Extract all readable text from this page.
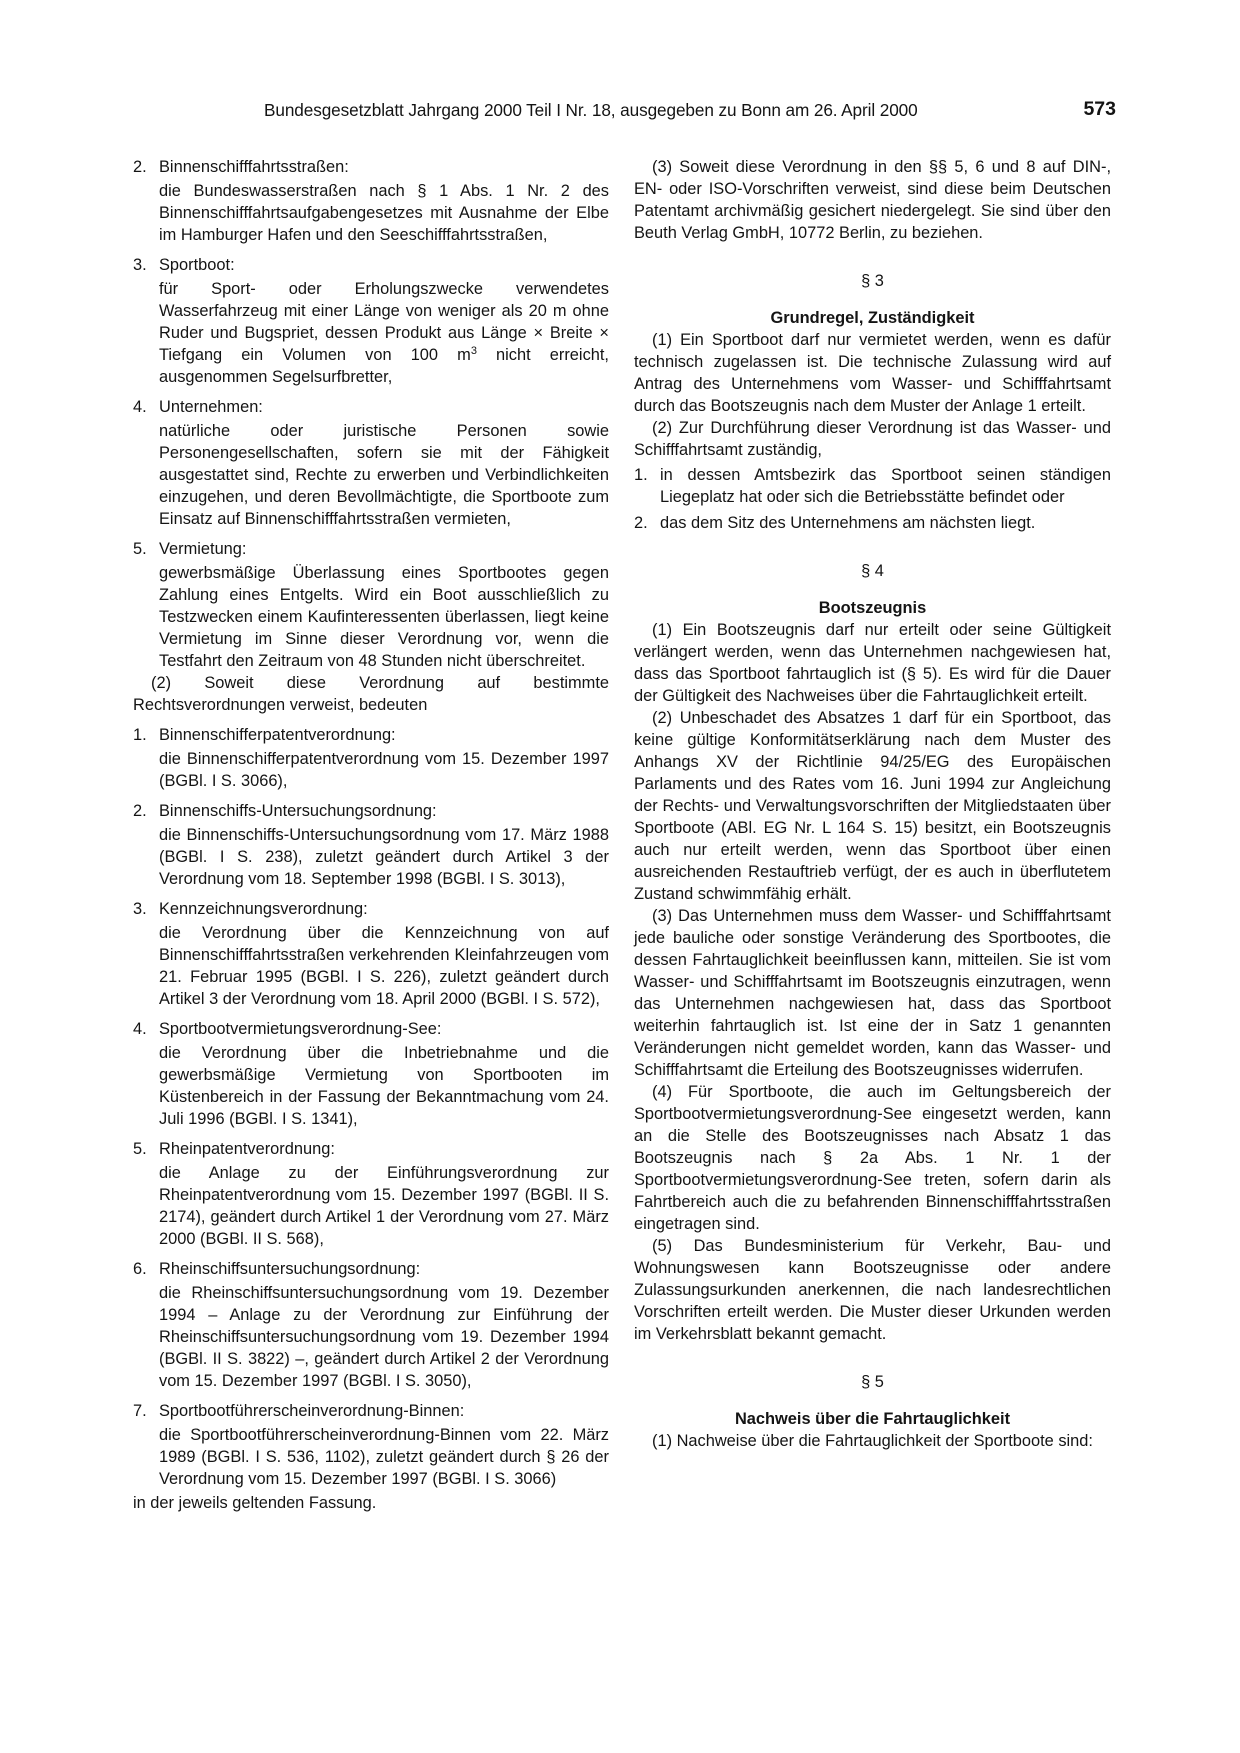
Bundesgesetzblatt Jahrgang 2000 Teil I Nr. 18, ausgegeben zu Bonn am 26. April 2000	573
2. Binnenschifffahrtsstraßen:

die Bundeswasserstraßen nach § 1 Abs. 1 Nr. 2 des Binnenschifffahrtsaufgabengesetzes mit Ausnahme der Elbe im Hamburger Hafen und den Seeschifffahrtsstraßen,

3. Sportboot:

für Sport- oder Erholungszwecke verwendetes Wasserfahrzeug mit einer Länge von weniger als 20 m ohne Ruder und Bugspriet, dessen Produkt aus Länge × Breite × Tiefgang ein Volumen von 100 $m^3$ nicht erreicht, ausgenommen Segelsurfbretter,

4. Unternehmen:

natürliche oder juristische Personen sowie Personengesellschaften, sofern sie mit der Fähigkeit ausgestattet sind, Rechte zu erwerben und Verbindlichkeiten einzugehen, und deren Bevollmächtigte, die Sportboote zum Einsatz auf Binnenschifffahrtsstraßen vermieten,

5. Vermietung:

gewerbsmäßige Überlassung eines Sportbootes gegen Zahlung eines Entgelts. Wird ein Boot ausschließlich zu Testzwecken einem Kaufinteressenten überlassen, liegt keine Vermietung im Sinne dieser Verordnung vor, wenn die Testfahrt den Zeitraum von 48 Stunden nicht überschreitet.

(2) Soweit diese Verordnung auf bestimmte Rechtsverordnungen verweist, bedeuten

1. Binnenschifferpatentverordnung:

die Binnenschifferpatentverordnung vom 15. Dezember 1997 (BGBl. I S. 3066),

2. Binnenschiffs-Untersuchungsordnung:

die Binnenschiffs-Untersuchungsordnung vom 17. März 1988 (BGBl. I S. 238), zuletzt geändert durch Artikel 3 der Verordnung vom 18. September 1998 (BGBl. I S. 3013),

3. Kennzeichnungsverordnung:

die Verordnung über die Kennzeichnung von auf Binnenschifffahrtsstraßen verkehrenden Kleinfahrzeugen vom 21. Februar 1995 (BGBl. I S. 226), zuletzt geändert durch Artikel 3 der Verordnung vom 18. April 2000 (BGBl. I S. 572),

4. Sportbootvermietungsverordnung-See:

die Verordnung über die Inbetriebnahme und die gewerbsmäßige Vermietung von Sportbooten im Küstenbereich in der Fassung der Bekanntmachung vom 24. Juli 1996 (BGBl. I S. 1341),

5. Rheinpatentverordnung:

die Anlage zu der Einführungsverordnung zur Rheinpatentverordnung vom 15. Dezember 1997 (BGBl. II S. 2174), geändert durch Artikel 1 der Verordnung vom 27. März 2000 (BGBl. II S. 568),

6. Rheinschiffsuntersuchungsordnung:

die Rheinschiffsuntersuchungsordnung vom 19. Dezember 1994 – Anlage zu der Verordnung zur Einführung der Rheinschiffsuntersuchungsordnung vom 19. Dezember 1994 (BGBl. II S. 3822) –, geändert durch Artikel 2 der Verordnung vom 15. Dezember 1997 (BGBl. I S. 3050),

7. Sportbootführerscheinverordnung-Binnen:

die Sportbootführerscheinverordnung-Binnen vom 22. März 1989 (BGBl. I S. 536, 1102), zuletzt geändert durch § 26 der Verordnung vom 15. Dezember 1997 (BGBl. I S. 3066)

in der jeweils geltenden Fassung.

(3) Soweit diese Verordnung in den §§ 5, 6 und 8 auf DIN-, EN- oder ISO-Vorschriften verweist, sind diese beim Deutschen Patentamt archivmäßig gesichert niedergelegt. Sie sind über den Beuth Verlag GmbH, 10772 Berlin, zu beziehen.

§ 3

Grundregel, Zuständigkeit

(1) Ein Sportboot darf nur vermietet werden, wenn es dafür technisch zugelassen ist. Die technische Zulassung wird auf Antrag des Unternehmens vom Wasser- und Schifffahrtsamt durch das Bootszeugnis nach dem Muster der Anlage 1 erteilt.

(2) Zur Durchführung dieser Verordnung ist das Wasser- und Schifffahrtsamt zuständig,

1. in dessen Amtsbezirk das Sportboot seinen ständigen Liegeplatz hat oder sich die Betriebsstätte befindet oder
2. das dem Sitz des Unternehmens am nächsten liegt.

§ 4

Bootszeugnis

(1) Ein Bootszeugnis darf nur erteilt oder seine Gültigkeit verlängert werden, wenn das Unternehmen nachgewiesen hat, dass das Sportboot fahrtauglich ist (§ 5). Es wird für die Dauer der Gültigkeit des Nachweises über die Fahrtauglichkeit erteilt.

(2) Unbeschadet des Absatzes 1 darf für ein Sportboot, das keine gültige Konformitätserklärung nach dem Muster des Anhangs XV der Richtlinie 94/25/EG des Europäischen Parlaments und des Rates vom 16. Juni 1994 zur Angleichung der Rechts- und Verwaltungsvorschriften der Mitgliedstaaten über Sportboote (ABl. EG Nr. L 164 S. 15) besitzt, ein Bootszeugnis auch nur erteilt werden, wenn das Sportboot über einen ausreichenden Restauftrieb verfügt, der es auch in überflutetem Zustand schwimmfähig erhält.

(3) Das Unternehmen muss dem Wasser- und Schifffahrtsamt jede bauliche oder sonstige Veränderung des Sportbootes, die dessen Fahrtauglichkeit beeinflussen kann, mitteilen. Sie ist vom Wasser- und Schifffahrtsamt im Bootszeugnis einzutragen, wenn das Unternehmen nachgewiesen hat, dass das Sportboot weiterhin fahrtauglich ist. Ist eine der in Satz 1 genannten Veränderungen nicht gemeldet worden, kann das Wasser- und Schifffahrtsamt die Erteilung des Bootszeugnisses widerrufen.

(4) Für Sportboote, die auch im Geltungsbereich der Sportbootvermietungsverordnung-See eingesetzt werden, kann an die Stelle des Bootszeugnisses nach Absatz 1 das Bootszeugnis nach § 2a Abs. 1 Nr. 1 der Sportbootvermietungsverordnung-See treten, sofern darin als Fahrtbereich auch die zu befahrenden Binnenschifffahrtsstraßen eingetragen sind.

(5) Das Bundesministerium für Verkehr, Bau- und Wohnungswesen kann Bootszeugnisse oder andere Zulassungsurkunden anerkennen, die nach landesrechtlichen Vorschriften erteilt werden. Die Muster dieser Urkunden werden im Verkehrsblatt bekannt gemacht.

§ 5

Nachweis über die Fahrtauglichkeit

(1) Nachweise über die Fahrtauglichkeit der Sportboote sind:
